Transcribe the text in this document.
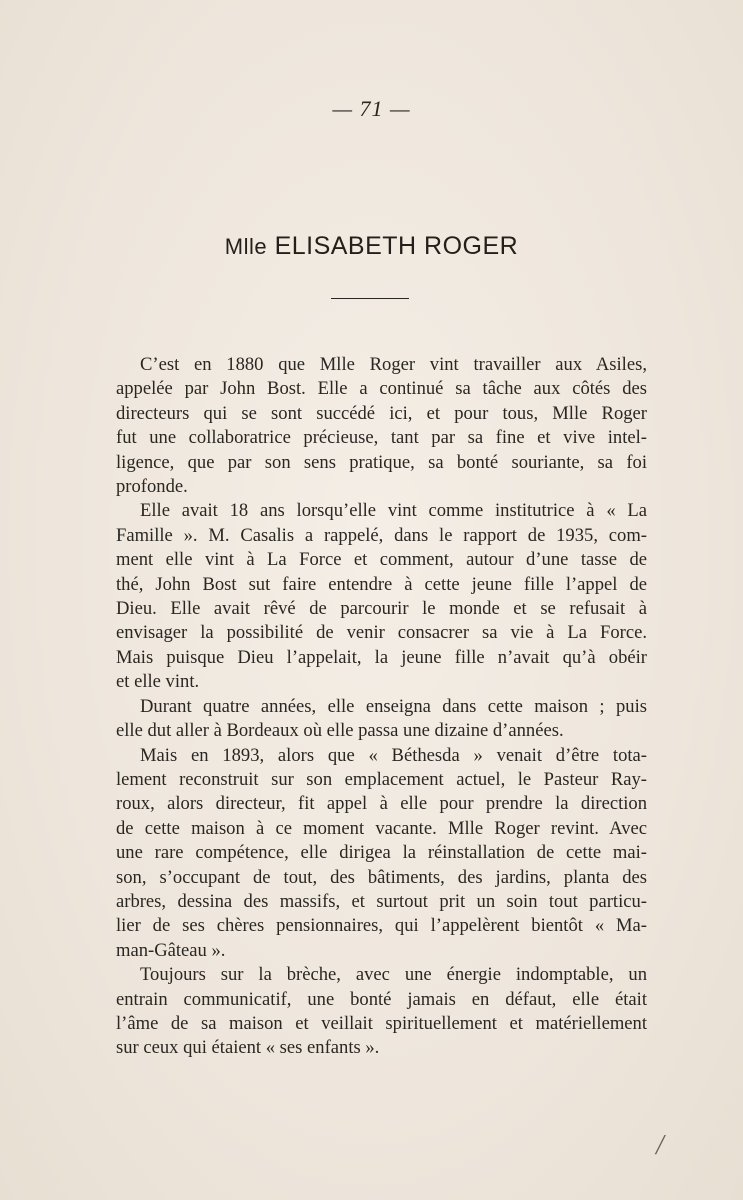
— 71 —
Mlle ELISABETH ROGER

C’est en 1880 que Mlle Roger vint travailler aux Asiles,
appelée par John Bost. Elle a continué sa tâche aux côtés des
directeurs qui se sont succédé ici, et pour tous, Mlle Roger
fut une collaboratrice précieuse, tant par sa fine et vive intel-
ligence, que par son sens pratique, sa bonté souriante, sa foi
profonde.

Elle avait 18 ans lorsqu’elle vint comme institutrice à « La
Famille ». M. Casalis a rappelé, dans le rapport de 1935, com-
ment elle vint à La Force et comment, autour d’une tasse de
thé, John Bost sut faire entendre à cette jeune fille l’appel de
Dieu. Elle avait rêvé de parcourir le monde et se refusait à
envisager la possibilité de venir consacrer sa vie à La Force.
Mais puisque Dieu l’appelait, la jeune fille n’avait qu’à obéir
et elle vint.

Durant quatre années, elle enseigna dans cette maison ; puis
elle dut aller à Bordeaux où elle passa une dizaine d’années.

Mais en 1893, alors que « Béthesda » venait d’être tota-
lement reconstruit sur son emplacement actuel, le Pasteur Ray-
roux, alors directeur, fit appel à elle pour prendre la direction
de cette maison à ce moment vacante. Mlle Roger revint. Avec
une rare compétence, elle dirigea la réinstallation de cette mai-
son, s’occupant de tout, des bâtiments, des jardins, planta des
arbres, dessina des massifs, et surtout prit un soin tout particu-
lier de ses chères pensionnaires, qui l’appelèrent bientôt « Ma-
man-Gâteau ».

Toujours sur la brèche, avec une énergie indomptable, un
entrain communicatif, une bonté jamais en défaut, elle était
l’âme de sa maison et veillait spirituellement et matériellement
sur ceux qui étaient « ses enfants ».

/
